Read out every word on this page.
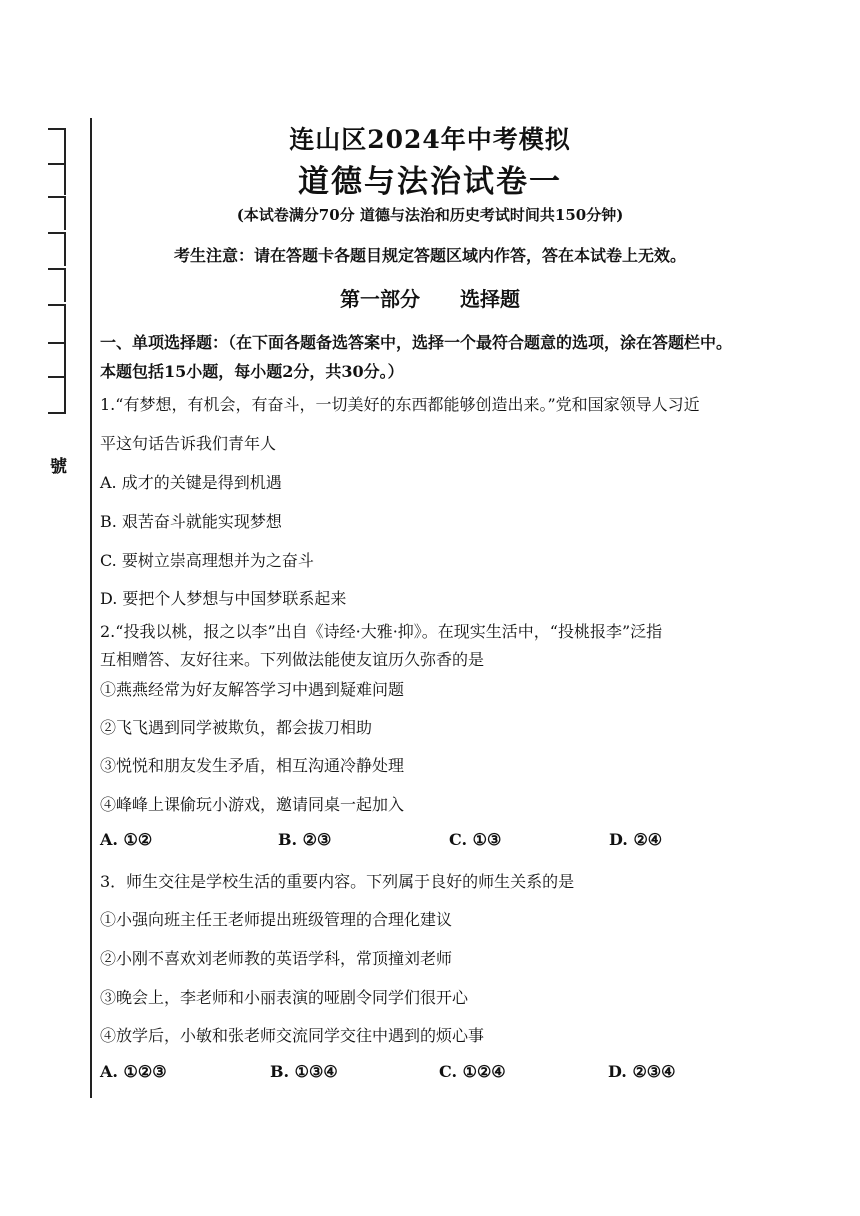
號
连山区2024年中考模拟
道德与法治试卷一
(本试卷满分70分 道德与法治和历史考试时间共150分钟)
考生注意：请在答题卡各题目规定答题区域内作答，答在本试卷上无效。
第一部分　　选择题
一、单项选择题：（在下面各题备选答案中，选择一个最符合题意的选项，涂在答题栏中。
本题包括15小题，每小题2分，共30分。）
1.“有梦想，有机会，有奋斗，一切美好的东西都能够创造出来。”党和国家领导人习近
平这句话告诉我们青年人
A. 成才的关键是得到机遇
B. 艰苦奋斗就能实现梦想
C. 要树立崇高理想并为之奋斗
D. 要把个人梦想与中国梦联系起来
2.“投我以桃，报之以李”出自《诗经·大雅·抑》。在现实生活中，“投桃报李”泛指
互相赠答、友好往来。下列做法能使友谊历久弥香的是
①燕燕经常为好友解答学习中遇到疑难问题
②飞飞遇到同学被欺负，都会拔刀相助
③悦悦和朋友发生矛盾，相互沟通冷静处理
④峰峰上课偷玩小游戏，邀请同桌一起加入
A. ①②	B. ②③	C. ①③	D. ②④
3．师生交往是学校生活的重要内容。下列属于良好的师生关系的是
①小强向班主任王老师提出班级管理的合理化建议
②小刚不喜欢刘老师教的英语学科，常顶撞刘老师
③晚会上，李老师和小丽表演的哑剧令同学们很开心
④放学后，小敏和张老师交流同学交往中遇到的烦心事
A. ①②③	B. ①③④	C. ①②④	D. ②③④
